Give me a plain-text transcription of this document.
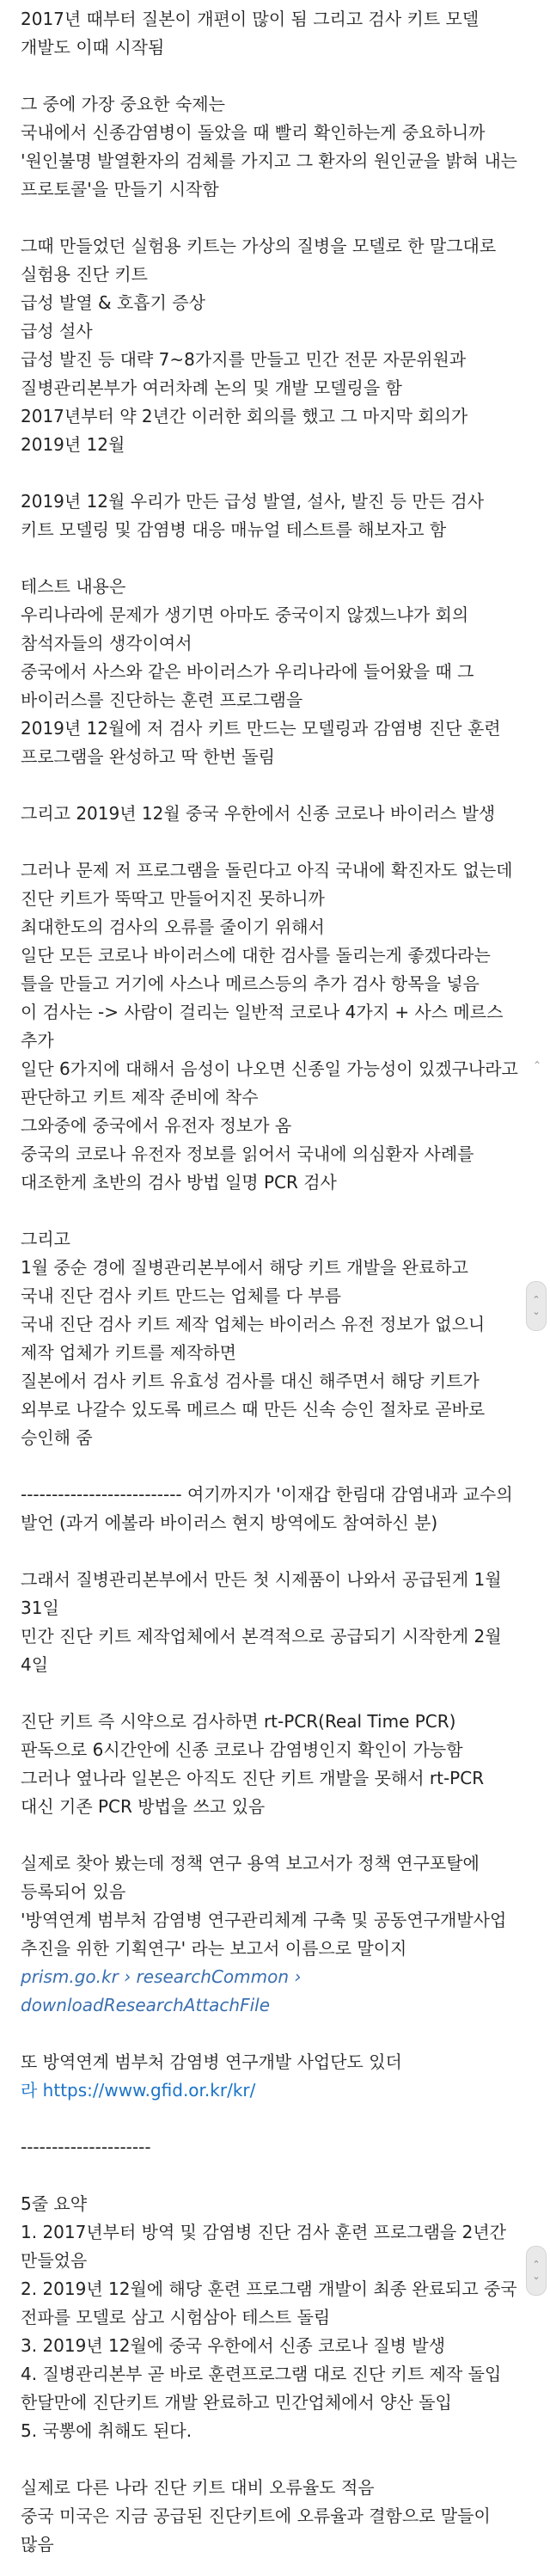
2017년 때부터 질본이 개편이 많이 됨 그리고 검사 키트 모델 개발도 이때 시작됨
그 중에 가장 중요한 숙제는
국내에서 신종감염병이 돌았을 때 빨리 확인하는게 중요하니까
'원인불명 발열환자의 검체를 가지고 그 환자의 원인균을 밝혀 내는 프로토콜'을 만들기 시작함
그때 만들었던 실험용 키트는 가상의 질병을 모델로 한 말그대로 실험용 진단 키트
급성 발열 & 호흡기 증상
급성 설사
급성 발진 등 대략 7~8가지를 만들고 민간 전문 자문위원과 질병관리본부가 여러차례 논의 및 개발 모델링을 함
2017년부터 약 2년간 이러한 회의를 했고 그 마지막 회의가 2019년 12월
2019년 12월 우리가 만든 급성 발열, 설사, 발진 등 만든 검사 키트 모델링 및 감염병 대응 매뉴얼 테스트를 해보자고 함
테스트 내용은
우리나라에 문제가 생기면 아마도 중국이지 않겠느냐가 회의 참석자들의 생각이여서
중국에서 사스와 같은 바이러스가 우리나라에 들어왔을 때 그 바이러스를 진단하는 훈련 프로그램을
2019년 12월에 저 검사 키트 만드는 모델링과 감염병 진단 훈련 프로그램을 완성하고 딱 한번 돌림
그리고 2019년 12월 중국 우한에서 신종 코로나 바이러스 발생
그러나 문제 저 프로그램을 돌린다고 아직 국내에 확진자도 없는데 진단 키트가 뚝딱고 만들어지진 못하니까
최대한도의 검사의 오류를 줄이기 위해서
일단 모든 코로나 바이러스에 대한 검사를 돌리는게 좋겠다라는 틀을 만들고 거기에 사스나 메르스등의 추가 검사 항목을 넣음
이 검사는 -> 사람이 걸리는 일반적 코로나 4가지 + 사스 메르스 추가
일단 6가지에 대해서 음성이 나오면 신종일 가능성이 있겠구나라고 판단하고 키트 제작 준비에 착수
그와중에 중국에서 유전자 정보가 옴
중국의 코로나 유전자 정보를 읽어서 국내에 의심환자 사례를 대조한게 초반의 검사 방법 일명 PCR 검사
그리고
1월 중순 경에 질병관리본부에서 해당 키트 개발을 완료하고
국내 진단 검사 키트 만드는 업체를 다 부름
국내 진단 검사 키트 제작 업체는 바이러스 유전 정보가 없으니 제작 업체가 키트를 제작하면
질본에서 검사 키트 유효성 검사를 대신 해주면서 해당 키트가 외부로 나갈수 있도록 메르스 때 만든 신속 승인 절차로 곧바로 승인해 줌
-------------------------- 여기까지가 '이재갑 한림대 감염내과 교수의 발언 (과거 에볼라 바이러스 현지 방역에도 참여하신 분)
그래서 질병관리본부에서 만든 첫 시제품이 나와서 공급된게 1월 31일
민간 진단 키트 제작업체에서 본격적으로 공급되기 시작한게 2월 4일
진단 키트 즉 시약으로 검사하면 rt-PCR(Real Time PCR) 판독으로 6시간안에 신종 코로나 감염병인지 확인이 가능함
그러나 옆나라 일본은 아직도 진단 키트 개발을 못해서 rt-PCR 대신 기존 PCR 방법을 쓰고 있음
실제로 찾아 봤는데 정책 연구 용역 보고서가 정책 연구포탈에 등록되어 있음
'방역연계 범부처 감염병 연구관리체계 구축 및 공동연구개발사업 추진을 위한 기획연구' 라는 보고서 이름으로 말이지
prism.go.kr › researchCommon › downloadResearchAttachFile
또 방역연계 범부처 감염병 연구개발 사업단도 있더
라 https://www.gfid.or.kr/kr/
---------------------
5줄 요약
1. 2017년부터 방역 및 감염병 진단 검사 훈련 프로그램을 2년간 만들었음
2. 2019년 12월에 해당 훈련 프로그램 개발이 최종 완료되고 중국 전파를 모델로 삼고 시험삼아 테스트 돌림
3. 2019년 12월에 중국 우한에서 신종 코로나 질병 발생
4. 질병관리본부 곧 바로 훈련프로그램 대로 진단 키트 제작 돌입 한달만에 진단키트 개발 완료하고 민간업체에서 양산 돌입
5. 국뽕에 취해도 된다.
실제로 다른 나라 진단 키트 대비 오류율도 적음
중국 미국은 지금 공급된 진단키트에 오류율과 결함으로 말들이 많음
⌃
⌃
⌄
⌃
⌄
